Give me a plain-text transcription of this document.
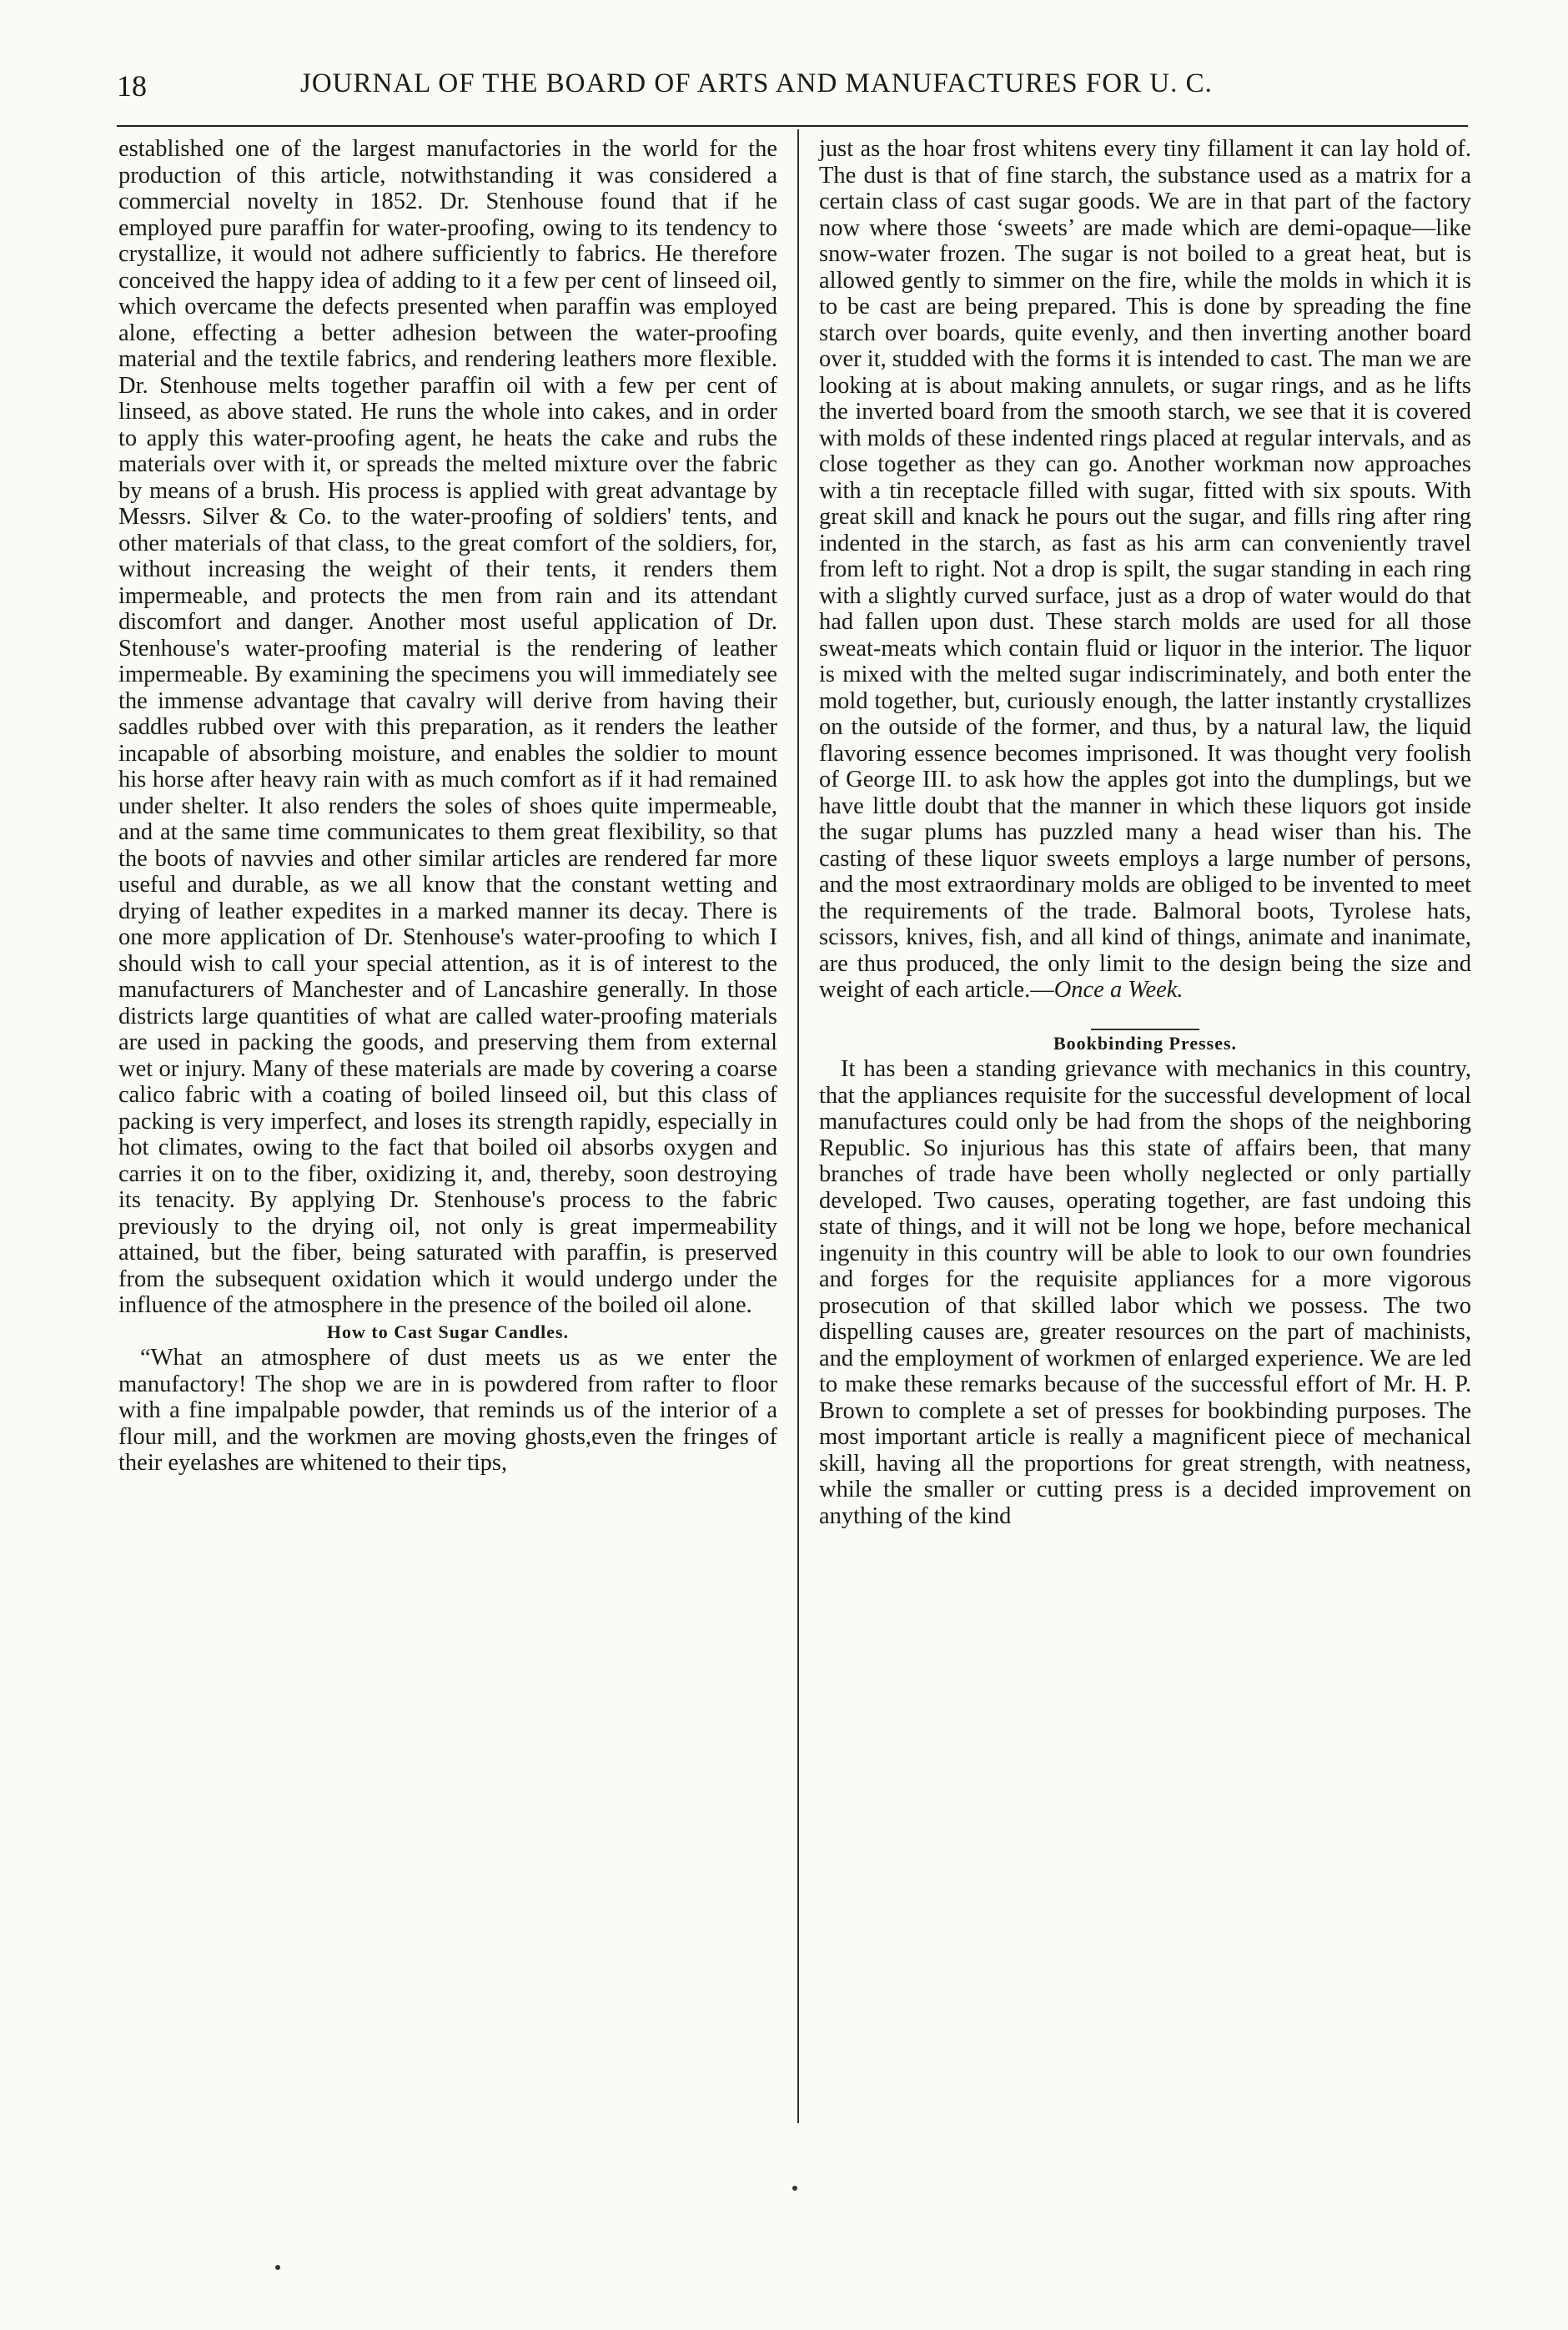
18	JOURNAL OF THE BOARD OF ARTS AND MANUFACTURES FOR U. C.

established one of the largest manufactories in the world for the production of this article, notwithstanding it was considered a commercial novelty in 1852. Dr. Stenhouse found that if he employed pure paraffin for water-proofing, owing to its tendency to crystallize, it would not adhere sufficiently to fabrics. He therefore conceived the happy idea of adding to it a few per cent of linseed oil, which overcame the defects presented when paraffin was employed alone, effecting a better adhesion between the water-proofing material and the textile fabrics, and rendering leathers more flexible. Dr. Stenhouse melts together paraffin oil with a few per cent of linseed, as above stated. He runs the whole into cakes, and in order to apply this water-proofing agent, he heats the cake and rubs the materials over with it, or spreads the melted mixture over the fabric by means of a brush. His process is applied with great advantage by Messrs. Silver & Co. to the water-proofing of soldiers' tents, and other materials of that class, to the great comfort of the soldiers, for, without increasing the weight of their tents, it renders them impermeable, and protects the men from rain and its attendant discomfort and danger. Another most useful application of Dr. Stenhouse's water-proofing material is the rendering of leather impermeable. By examining the specimens you will immediately see the immense advantage that cavalry will derive from having their saddles rubbed over with this preparation, as it renders the leather incapable of absorbing moisture, and enables the soldier to mount his horse after heavy rain with as much comfort as if it had remained under shelter. It also renders the soles of shoes quite impermeable, and at the same time communicates to them great flexibility, so that the boots of navvies and other similar articles are rendered far more useful and durable, as we all know that the constant wetting and drying of leather expedites in a marked manner its decay. There is one more application of Dr. Stenhouse's water-proofing to which I should wish to call your special attention, as it is of interest to the manufacturers of Manchester and of Lancashire generally. In those districts large quantities of what are called water-proofing materials are used in packing the goods, and preserving them from external wet or injury. Many of these materials are made by covering a coarse calico fabric with a coating of boiled linseed oil, but this class of packing is very imperfect, and loses its strength rapidly, especially in hot climates, owing to the fact that boiled oil absorbs oxygen and carries it on to the fiber, oxidizing it, and, thereby, soon destroying its tenacity. By applying Dr. Stenhouse's process to the fabric previously to the drying oil, not only is great impermeability attained, but the fiber, being saturated with paraffin, is preserved from the subsequent oxidation which it would undergo under the influence of the atmosphere in the presence of the boiled oil alone.

How to Cast Sugar Candles.

“What an atmosphere of dust meets us as we enter the manufactory! The shop we are in is powdered from rafter to floor with a fine impalpable powder, that reminds us of the interior of a flour mill, and the workmen are moving ghosts,even the fringes of their eyelashes are whitened to their tips,

just as the hoar frost whitens every tiny fillament it can lay hold of. The dust is that of fine starch, the substance used as a matrix for a certain class of cast sugar goods. We are in that part of the factory now where those ‘sweets’ are made which are demi-opaque—like snow-water frozen. The sugar is not boiled to a great heat, but is allowed gently to simmer on the fire, while the molds in which it is to be cast are being prepared. This is done by spreading the fine starch over boards, quite evenly, and then inverting another board over it, studded with the forms it is intended to cast. The man we are looking at is about making annulets, or sugar rings, and as he lifts the inverted board from the smooth starch, we see that it is covered with molds of these indented rings placed at regular intervals, and as close together as they can go. Another workman now approaches with a tin receptacle filled with sugar, fitted with six spouts. With great skill and knack he pours out the sugar, and fills ring after ring indented in the starch, as fast as his arm can conveniently travel from left to right. Not a drop is spilt, the sugar standing in each ring with a slightly curved surface, just as a drop of water would do that had fallen upon dust. These starch molds are used for all those sweat-meats which contain fluid or liquor in the interior. The liquor is mixed with the melted sugar indiscriminately, and both enter the mold together, but, curiously enough, the latter instantly crystallizes on the outside of the former, and thus, by a natural law, the liquid flavoring essence becomes imprisoned. It was thought very foolish of George III. to ask how the apples got into the dumplings, but we have little doubt that the manner in which these liquors got inside the sugar plums has puzzled many a head wiser than his. The casting of these liquor sweets employs a large number of persons, and the most extraordinary molds are obliged to be invented to meet the requirements of the trade. Balmoral boots, Tyrolese hats, scissors, knives, fish, and all kind of things, animate and inanimate, are thus produced, the only limit to the design being the size and weight of each article.—Once a Week.

Bookbinding Presses.

It has been a standing grievance with mechanics in this country, that the appliances requisite for the successful development of local manufactures could only be had from the shops of the neighboring Republic. So injurious has this state of affairs been, that many branches of trade have been wholly neglected or only partially developed. Two causes, operating together, are fast undoing this state of things, and it will not be long we hope, before mechanical ingenuity in this country will be able to look to our own foundries and forges for the requisite appliances for a more vigorous prosecution of that skilled labor which we possess. The two dispelling causes are, greater resources on the part of machinists, and the employment of workmen of enlarged experience. We are led to make these remarks because of the successful effort of Mr. H. P. Brown to complete a set of presses for bookbinding purposes. The most important article is really a magnificent piece of mechanical skill, having all the proportions for great strength, with neatness, while the smaller or cutting press is a decided improvement on anything of the kind
